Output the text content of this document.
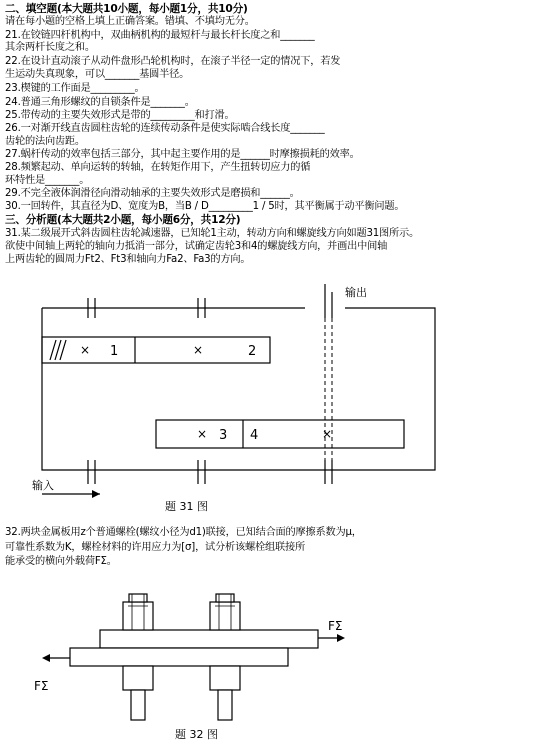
二、填空题(本大题共10小题，每小题1分，共10分)
请在每小题的空格上填上正确答案。错填、不填均无分。
21.在铰链四杆机构中，双曲柄机构的最短杆与最长杆长度之和_______
其余两杆长度之和。
22.在设计直动滚子从动件盘形凸轮机构时，在滚子半径一定的情况下，若发
生运动失真现象，可以_______基圆半径。
23.楔键的工作面是_________。
24.普通三角形螺纹的自锁条件是_______。
25.带传动的主要失效形式是带的_________和打滑。
26.一对渐开线直齿圆柱齿轮的连续传动条件是使实际啮合线长度_______
齿轮的法向齿距。
27.蜗杆传动的效率包括三部分，其中起主要作用的是______时摩擦损耗的效率。
28.频繁起动、单向运转的转轴，在转矩作用下，产生扭转切应力的循
环特性是_______。
29.不完全液体润滑径向滑动轴承的主要失效形式是磨损和______。
30.一回转件，其直径为D、宽度为B，当B / D_________1 / 5时，其平衡属于动平衡问题。
三、分析题(本大题共2小题，每小题6分，共12分)
31.某二级展开式斜齿圆柱齿轮减速器，已知轮1主动，转动方向和螺旋线方向如题31图所示。
欲使中间轴上两轮的轴向力抵消一部分，试确定齿轮3和4的螺旋线方向，并画出中间轴
上两齿轮的圆周力Ft2、Ft3和轴向力Fa2、Fa3的方向。
输出
输入
× 1	×	2
× 3 4	×
题 31 图
32.两块金属板用z个普通螺栓(螺纹小径为d1)联接，已知结合面的摩擦系数为μ，
可靠性系数为K，螺栓材料的许用应力为[σ]，试分析该螺栓组联接所
能承受的横向外载荷FΣ。
FΣ
FΣ
题 32 图
